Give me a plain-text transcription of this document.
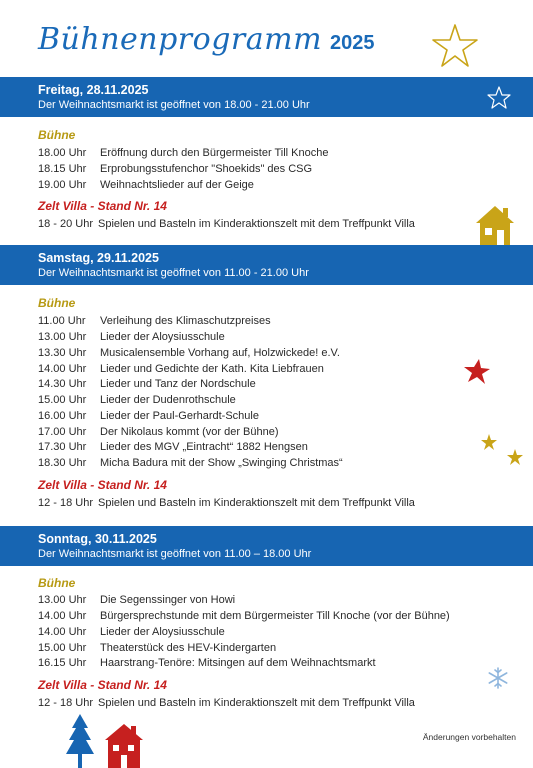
Bühnenprogramm 2025
Freitag, 28.11.2025
Der Weihnachtsmarkt ist geöffnet von 18.00 - 21.00 Uhr
Bühne
18.00 Uhr Eröffnung durch den Bürgermeister Till Knoche
18.15 Uhr Erprobungsstufenchor "Shoekids" des CSG
19.00 Uhr Weihnachtslieder auf der Geige
Zelt Villa - Stand Nr. 14
18 - 20 Uhr Spielen und Basteln im Kinderaktionszelt mit dem Treffpunkt Villa
Samstag, 29.11.2025
Der Weihnachtsmarkt ist geöffnet von 11.00 - 21.00 Uhr
Bühne
11.00 Uhr Verleihung des Klimaschutzpreises
13.00 Uhr Lieder der Aloysiusschule
13.30 Uhr Musicalensemble Vorhang auf, Holzwickede! e.V.
14.00 Uhr Lieder und Gedichte der Kath. Kita Liebfrauen
14.30 Uhr Lieder und Tanz der Nordschule
15.00 Uhr Lieder der Dudenrothschule
16.00 Uhr Lieder der Paul-Gerhardt-Schule
17.00 Uhr Der Nikolaus kommt (vor der Bühne)
17.30 Uhr Lieder des MGV „Eintracht“ 1882 Hengsen
18.30 Uhr Micha Badura mit der Show „Swinging Christmas“
Zelt Villa - Stand Nr. 14
12 - 18 Uhr Spielen und Basteln im Kinderaktionszelt mit dem Treffpunkt Villa
Sonntag, 30.11.2025
Der Weihnachtsmarkt ist geöffnet von 11.00 – 18.00 Uhr
Bühne
13.00 Uhr Die Segenssinger von Howi
14.00 Uhr Bürgersprechstunde mit dem Bürgermeister Till Knoche (vor der Bühne)
14.00 Uhr Lieder der Aloysiusschule
15.00 Uhr Theaterstück des HEV-Kindergarten
16.15 Uhr Haarstrang-Tenöre: Mitsingen auf dem Weihnachtsmarkt
Zelt Villa - Stand Nr. 14
12 - 18 Uhr Spielen und Basteln im Kinderaktionszelt mit dem Treffpunkt Villa
Änderungen vorbehalten
